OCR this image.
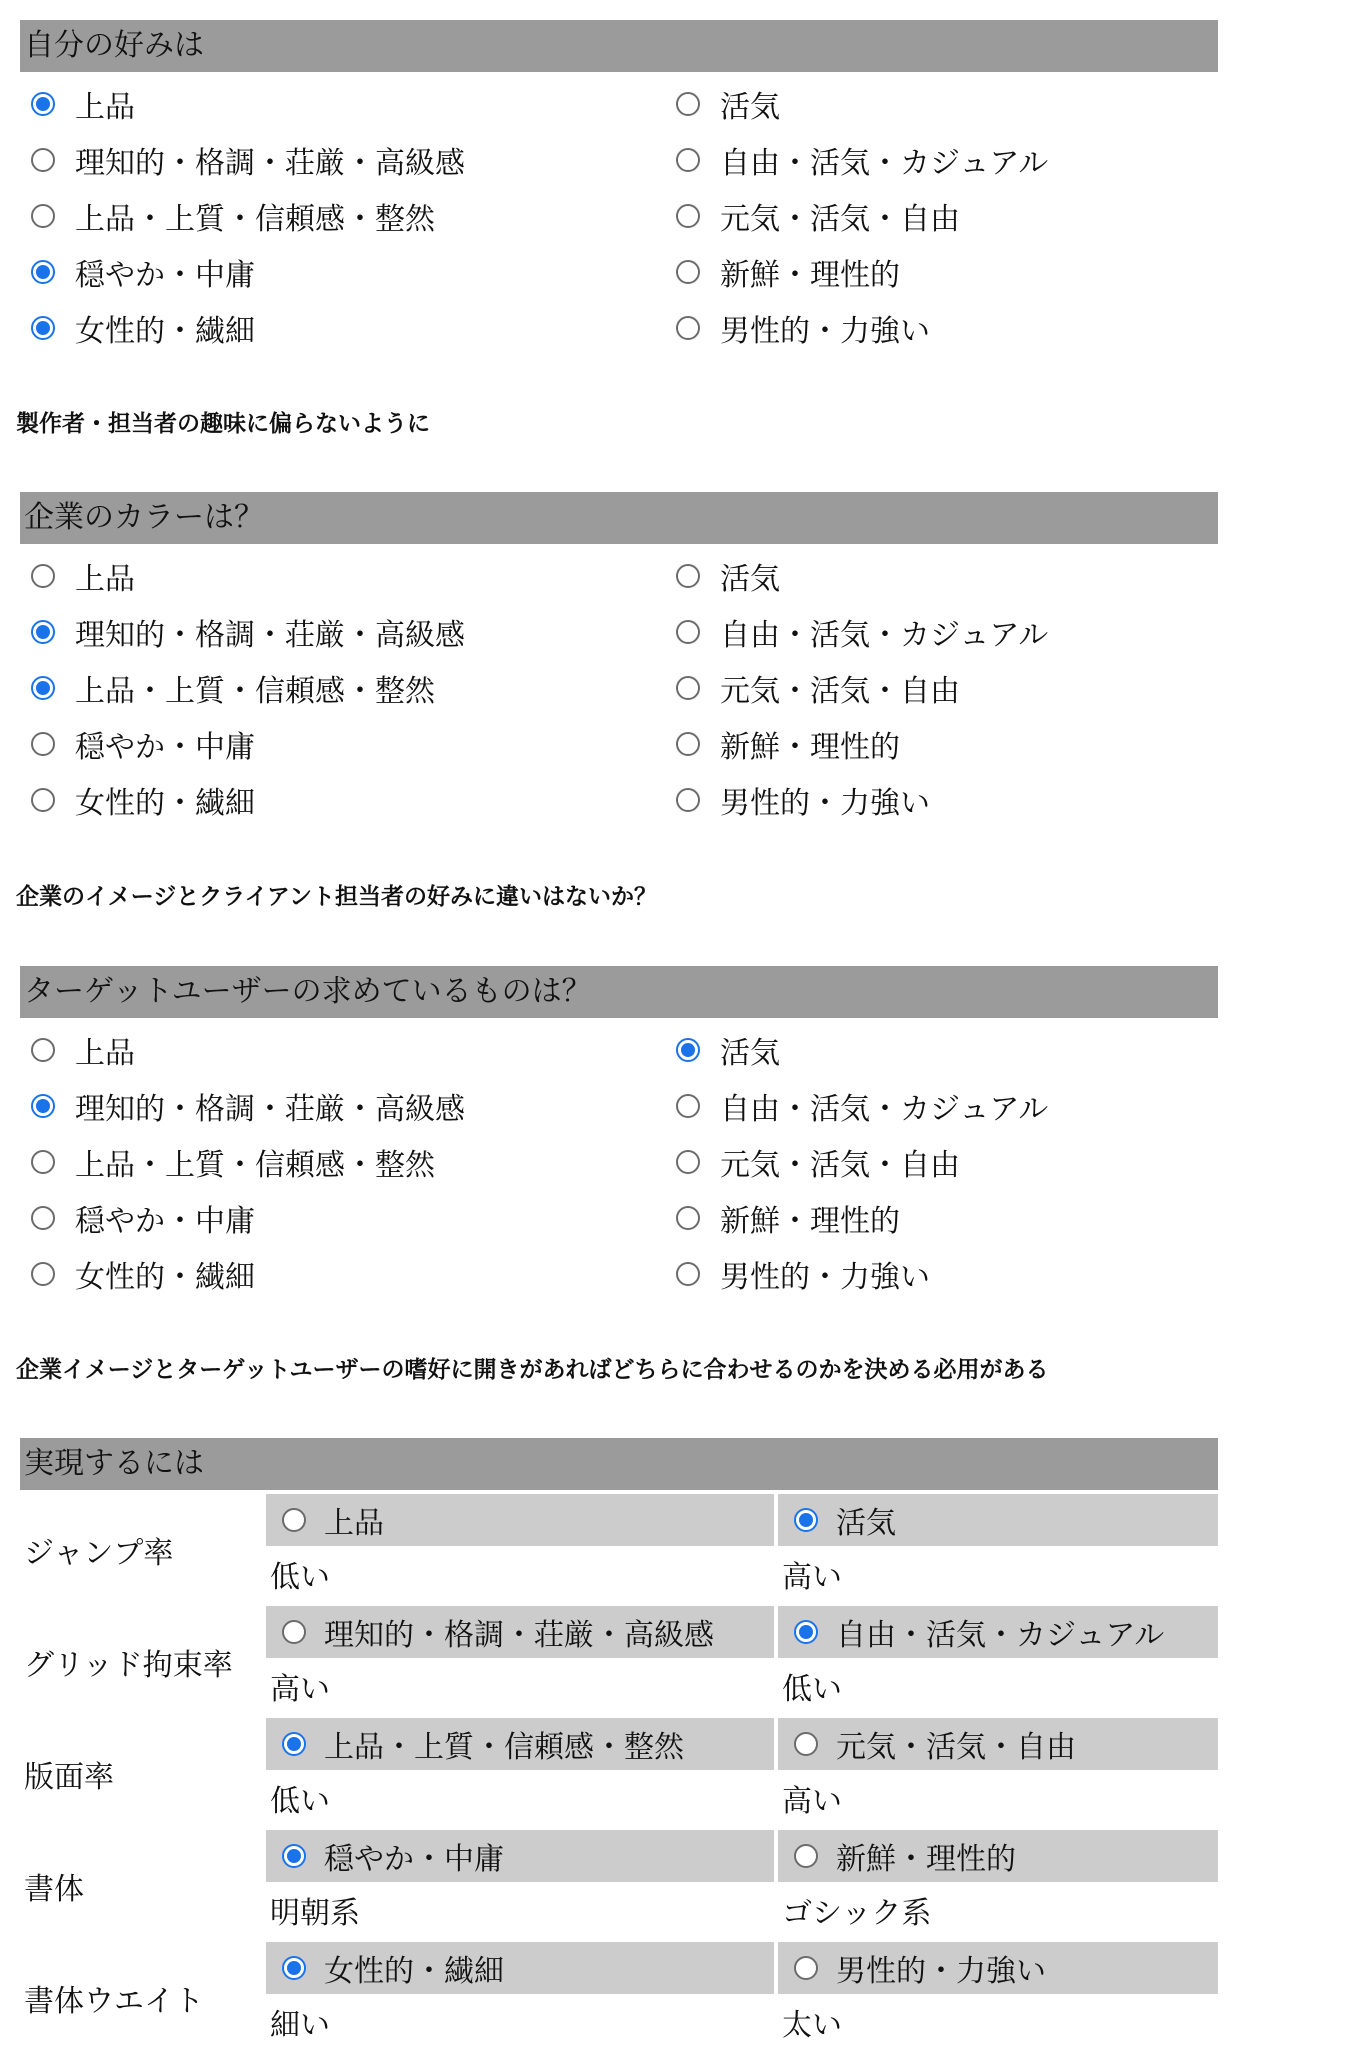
自分の好みは
上品
理知的・格調・荘厳・高級感
上品・上質・信頼感・整然
穏やか・中庸
女性的・繊細
活気
自由・活気・カジュアル
元気・活気・自由
新鮮・理性的
男性的・力強い
製作者・担当者の趣味に偏らないように
企業のカラーは？
上品
理知的・格調・荘厳・高級感
上品・上質・信頼感・整然
穏やか・中庸
女性的・繊細
活気
自由・活気・カジュアル
元気・活気・自由
新鮮・理性的
男性的・力強い
企業のイメージとクライアント担当者の好みに違いはないか？
ターゲットユーザーの求めているものは？
上品
理知的・格調・荘厳・高級感
上品・上質・信頼感・整然
穏やか・中庸
女性的・繊細
活気
自由・活気・カジュアル
元気・活気・自由
新鮮・理性的
男性的・力強い
企業イメージとターゲットユーザーの嗜好に開きがあればどちらに合わせるのかを決める必用がある
実現するには
ジャンプ率
上品	活気
低い	高い
グリッド拘束率
理知的・格調・荘厳・高級感	自由・活気・カジュアル
高い	低い
版面率
上品・上質・信頼感・整然	元気・活気・自由
低い	高い
書体
穏やか・中庸	新鮮・理性的
明朝系	ゴシック系
書体ウエイト
女性的・繊細	男性的・力強い
細い	太い
